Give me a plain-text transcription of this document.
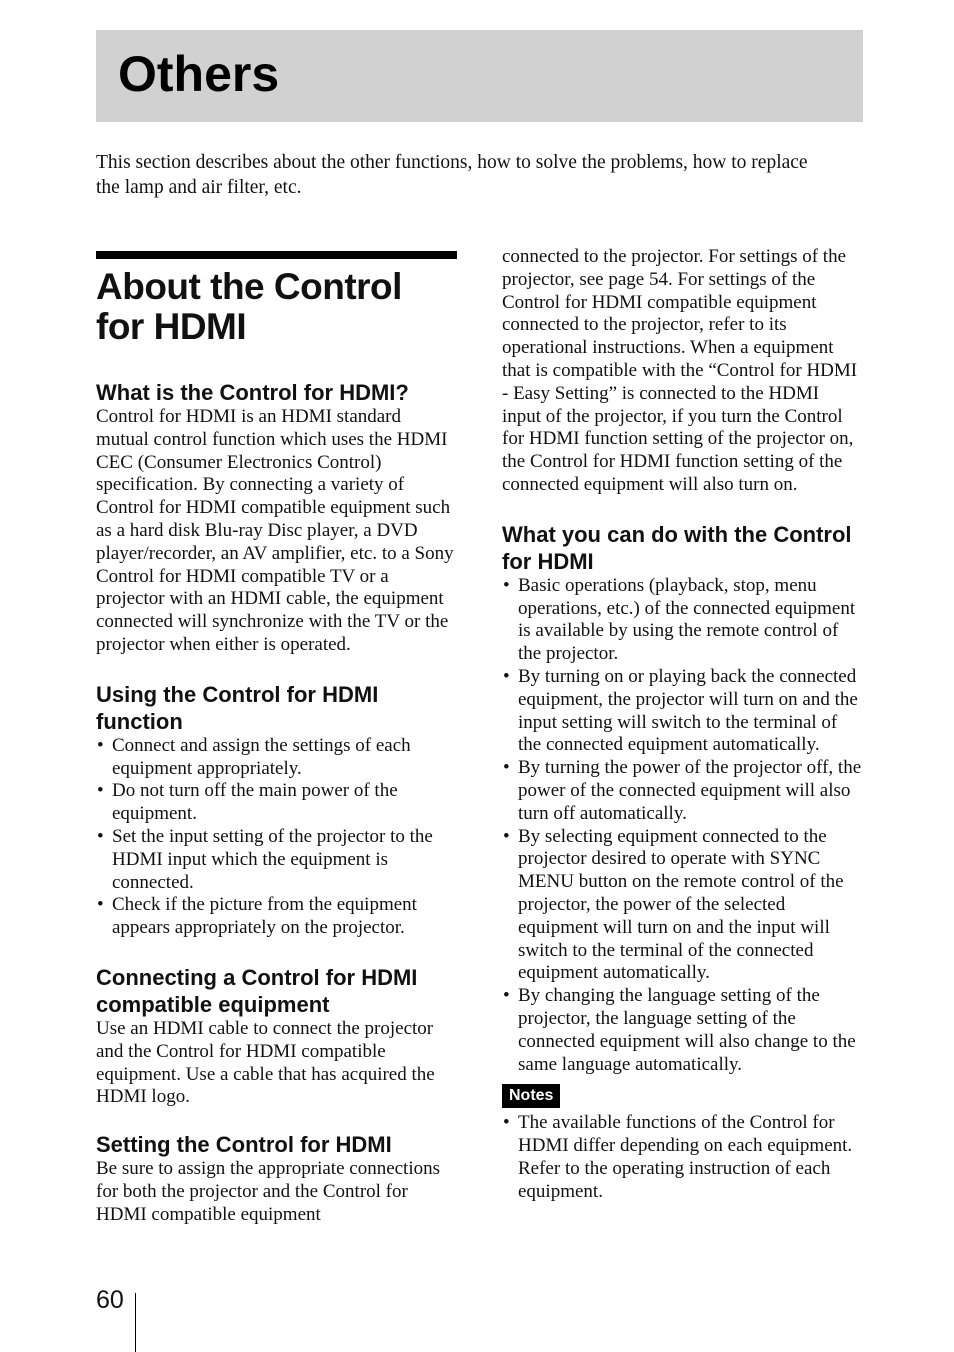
Others

This section describes about the other functions, how to solve the problems, how to replace the lamp and air filter, etc.

About the Control for HDMI
What is the Control for HDMI?

Control for HDMI is an HDMI standard mutual control function which uses the HDMI CEC (Consumer Electronics Control) specification. By connecting a variety of Control for HDMI compatible equipment such as a hard disk Blu-ray Disc player, a DVD player/recorder, an AV amplifier, etc. to a Sony Control for HDMI compatible TV or a projector with an HDMI cable, the equipment connected will synchronize with the TV or the projector when either is operated.

Using the Control for HDMI function
• Connect and assign the settings of each equipment appropriately.
• Do not turn off the main power of the equipment.
• Set the input setting of the projector to the HDMI input which the equipment is connected.
• Check if the picture from the equipment appears appropriately on the projector.
Connecting a Control for HDMI compatible equipment

Use an HDMI cable to connect the projector and the Control for HDMI compatible equipment. Use a cable that has acquired the HDMI logo.

Setting the Control for HDMI

Be sure to assign the appropriate connections for both the projector and the Control for HDMI compatible equipment

connected to the projector. For settings of the projector, see page 54. For settings of the Control for HDMI compatible equipment connected to the projector, refer to its operational instructions. When a equipment that is compatible with the “Control for HDMI - Easy Setting” is connected to the HDMI input of the projector, if you turn the Control for HDMI function setting of the projector on, the Control for HDMI function setting of the connected equipment will also turn on.

What you can do with the Control for HDMI
• Basic operations (playback, stop, menu operations, etc.) of the connected equipment is available by using the remote control of the projector.
• By turning on or playing back the connected equipment, the projector will turn on and the input setting will switch to the terminal of the connected equipment automatically.
• By turning the power of the projector off, the power of the connected equipment will also turn off automatically.
• By selecting equipment connected to the projector desired to operate with SYNC MENU button on the remote control of the projector, the power of the selected equipment will turn on and the input will switch to the terminal of the connected equipment automatically.
• By changing the language setting of the projector, the language setting of the connected equipment will also change to the same language automatically.
Notes
• The available functions of the Control for HDMI differ depending on each equipment. Refer to the operating instruction of each equipment.
60
